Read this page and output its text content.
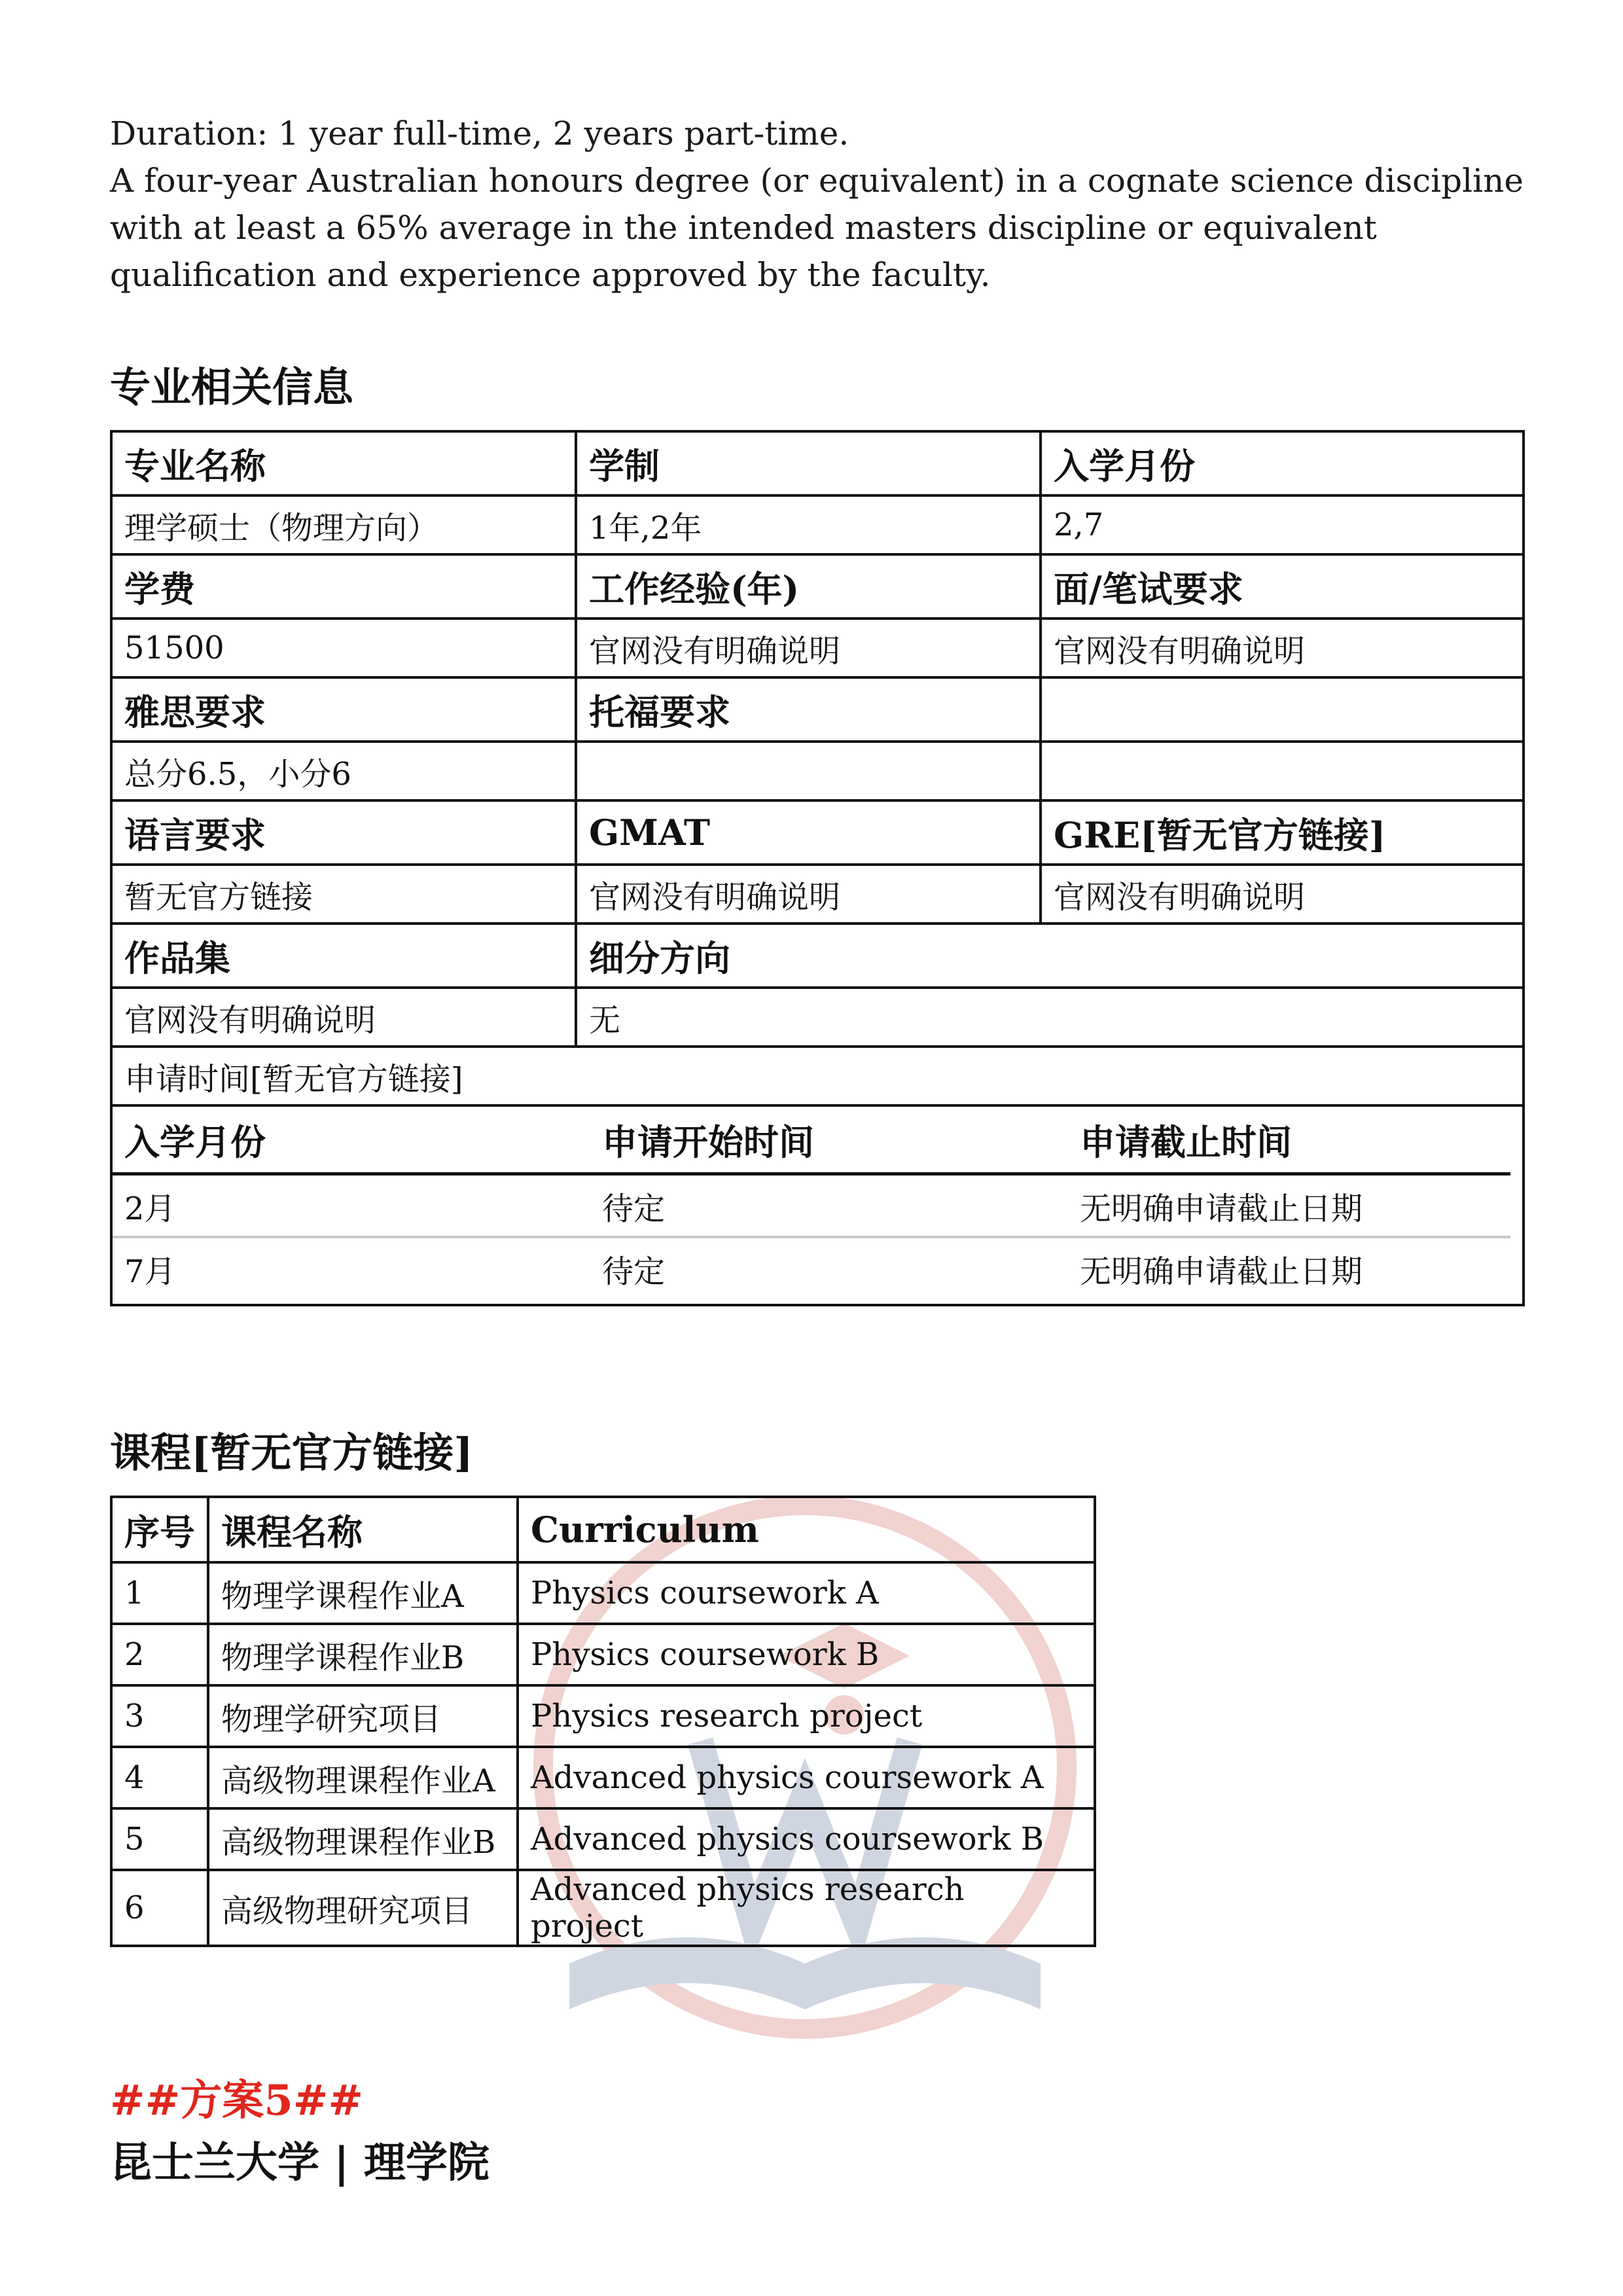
Duration: 1 year full-time, 2 years part-time.

A four-year Australian honours degree (or equivalent) in a cognate science discipline with at least a 65% average in the intended masters discipline or equivalent qualification and experience approved by the faculty.

专业相关信息
专业名称	学制	入学月份
理学硕士（物理方向）	1年,2年	2,7
学费	工作经验(年)	面/笔试要求
51500	官网没有明确说明	官网没有明确说明
雅思要求	托福要求	
总分6.5，小分6		
语言要求	GMAT	GRE[暂无官方链接]
暂无官方链接	官网没有明确说明	官网没有明确说明
作品集	细分方向
官网没有明确说明	无
申请时间[暂无官方链接]

入学月份	申请开始时间	申请截止时间
2月	待定	无明确申请截止日期
7月	待定	无明确申请截止日期
课程[暂无官方链接]
序号	课程名称	Curriculum
1	物理学课程作业A	Physics coursework A
2	物理学课程作业B	Physics coursework B
3	物理学研究项目	Physics research project
4	高级物理课程作业A	Advanced physics coursework A
5	高级物理课程作业B	Advanced physics coursework B
6	高级物理研究项目	Advanced physics research project
##方案5##
昆士兰大学 | 理学院
